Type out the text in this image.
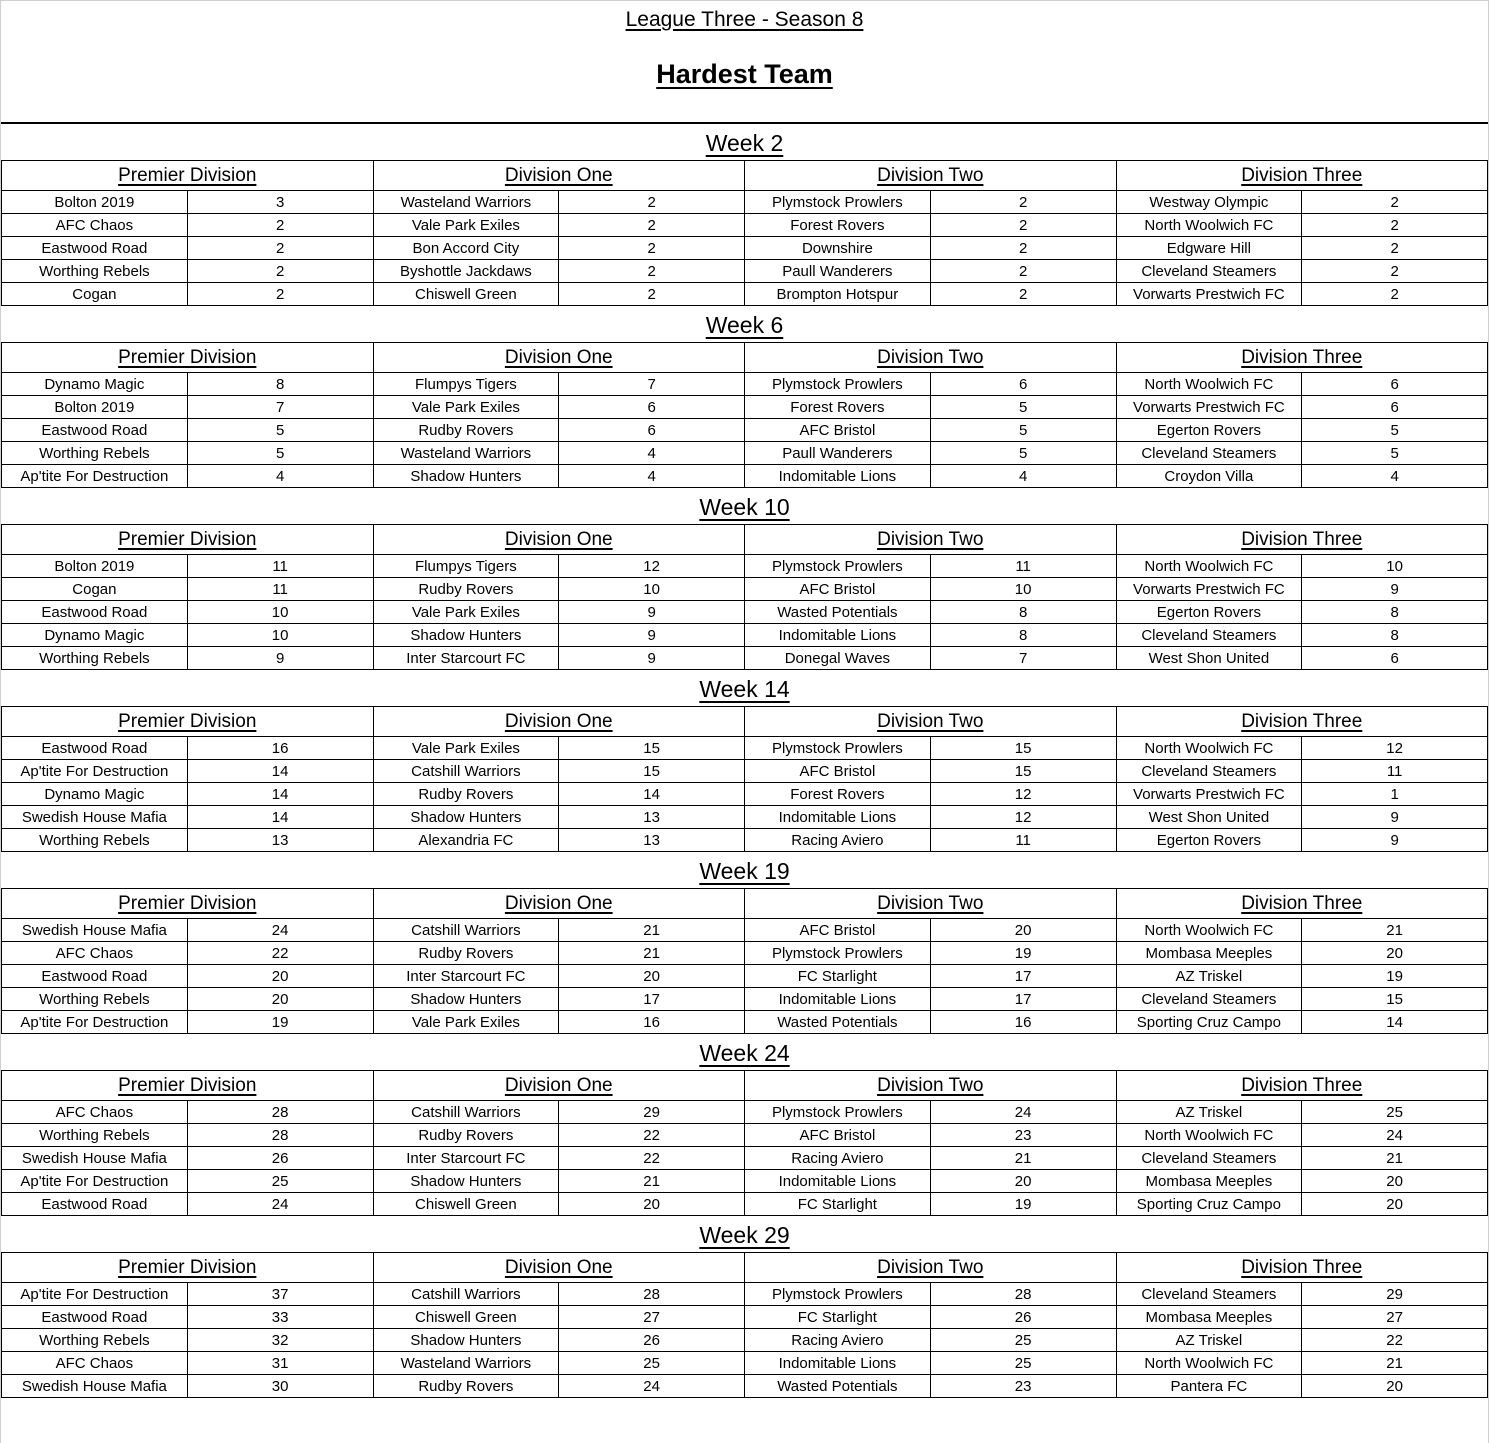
League Three - Season 8
Hardest Team
Week 2
Premier Division		Division One		Division Two		Division Three	
Bolton 2019	3	Wasteland Warriors	2	Plymstock Prowlers	2	Westway Olympic	2
AFC Chaos	2	Vale Park Exiles	2	Forest Rovers	2	North Woolwich FC	2
Eastwood Road	2	Bon Accord City	2	Downshire	2	Edgware Hill	2
Worthing Rebels	2	Byshottle Jackdaws	2	Paull Wanderers	2	Cleveland Steamers	2
Cogan	2	Chiswell Green	2	Brompton Hotspur	2	Vorwarts Prestwich FC	2
Week 6
Premier Division		Division One		Division Two		Division Three	
Dynamo Magic	8	Flumpys Tigers	7	Plymstock Prowlers	6	North Woolwich FC	6
Bolton 2019	7	Vale Park Exiles	6	Forest Rovers	5	Vorwarts Prestwich FC	6
Eastwood Road	5	Rudby Rovers	6	AFC Bristol	5	Egerton Rovers	5
Worthing Rebels	5	Wasteland Warriors	4	Paull Wanderers	5	Cleveland Steamers	5
Ap'tite For Destruction	4	Shadow Hunters	4	Indomitable Lions	4	Croydon Villa	4
Week 10
Premier Division		Division One		Division Two		Division Three	
Bolton 2019	11	Flumpys Tigers	12	Plymstock Prowlers	11	North Woolwich FC	10
Cogan	11	Rudby Rovers	10	AFC Bristol	10	Vorwarts Prestwich FC	9
Eastwood Road	10	Vale Park Exiles	9	Wasted Potentials	8	Egerton Rovers	8
Dynamo Magic	10	Shadow Hunters	9	Indomitable Lions	8	Cleveland Steamers	8
Worthing Rebels	9	Inter Starcourt FC	9	Donegal Waves	7	West Shon United	6
Week 14
Premier Division		Division One		Division Two		Division Three	
Eastwood Road	16	Vale Park Exiles	15	Plymstock Prowlers	15	North Woolwich FC	12
Ap'tite For Destruction	14	Catshill Warriors	15	AFC Bristol	15	Cleveland Steamers	11
Dynamo Magic	14	Rudby Rovers	14	Forest Rovers	12	Vorwarts Prestwich FC	1
Swedish House Mafia	14	Shadow Hunters	13	Indomitable Lions	12	West Shon United	9
Worthing Rebels	13	Alexandria FC	13	Racing Aviero	11	Egerton Rovers	9
Week 19
Premier Division		Division One		Division Two		Division Three	
Swedish House Mafia	24	Catshill Warriors	21	AFC Bristol	20	North Woolwich FC	21
AFC Chaos	22	Rudby Rovers	21	Plymstock Prowlers	19	Mombasa Meeples	20
Eastwood Road	20	Inter Starcourt FC	20	FC Starlight	17	AZ Triskel	19
Worthing Rebels	20	Shadow Hunters	17	Indomitable Lions	17	Cleveland Steamers	15
Ap'tite For Destruction	19	Vale Park Exiles	16	Wasted Potentials	16	Sporting Cruz Campo	14
Week 24
Premier Division		Division One		Division Two		Division Three	
AFC Chaos	28	Catshill Warriors	29	Plymstock Prowlers	24	AZ Triskel	25
Worthing Rebels	28	Rudby Rovers	22	AFC Bristol	23	North Woolwich FC	24
Swedish House Mafia	26	Inter Starcourt FC	22	Racing Aviero	21	Cleveland Steamers	21
Ap'tite For Destruction	25	Shadow Hunters	21	Indomitable Lions	20	Mombasa Meeples	20
Eastwood Road	24	Chiswell Green	20	FC Starlight	19	Sporting Cruz Campo	20
Week 29
Premier Division		Division One		Division Two		Division Three	
Ap'tite For Destruction	37	Catshill Warriors	28	Plymstock Prowlers	28	Cleveland Steamers	29
Eastwood Road	33	Chiswell Green	27	FC Starlight	26	Mombasa Meeples	27
Worthing Rebels	32	Shadow Hunters	26	Racing Aviero	25	AZ Triskel	22
AFC Chaos	31	Wasteland Warriors	25	Indomitable Lions	25	North Woolwich FC	21
Swedish House Mafia	30	Rudby Rovers	24	Wasted Potentials	23	Pantera FC	20
